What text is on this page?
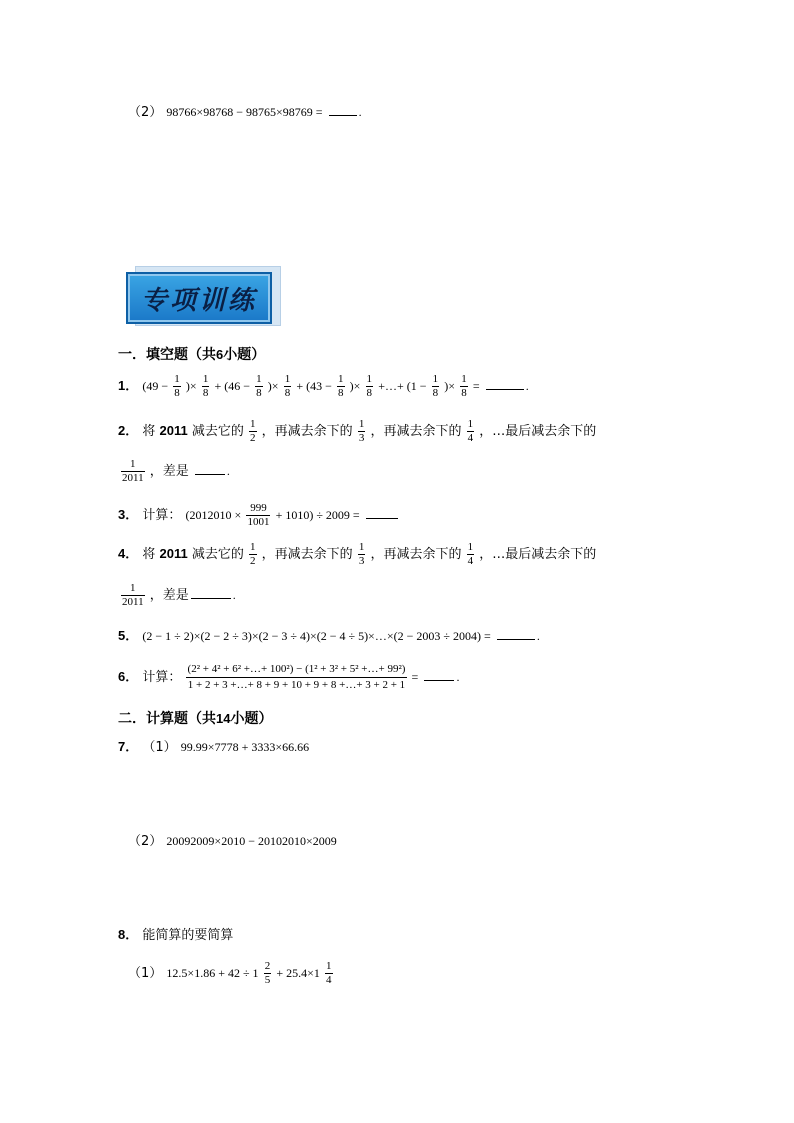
（2） 98766×98768 − 98765×98769 =	.
专项训练
一．填空题（共6小题）
1． ($49 - \frac{1}{8}$ )× $\frac{1}{8} + (46 - \frac{1}{8}$ )× $\frac{1}{8} + (43 - \frac{1}{8}$ )× $\frac{1}{8}$ +…+ ($1 - \frac{1}{8}$ )× $\frac{1}{8}$ =	.
2． 将 2011 减去它的 $\frac{1}{2}$ ，再减去余下的 $\frac{1}{3}$ ，再减去余下的 $\frac{1}{4}$ ，…最后减去余下的
$\frac{1}{2011}$ ，差是	.
3． 计算： $(2012010 \times \frac{999}{1001} + 1010) \div 2009$ =
4． 将 2011 减去它的 $\frac{1}{2}$ ，再减去余下的 $\frac{1}{3}$ ，再减去余下的 $\frac{1}{4}$ ，…最后减去余下的
$\frac{1}{2011}$ ，差是	.
5． (2 − 1 ÷ 2)×(2 − 2 ÷ 3)×(2 − 3 ÷ 4)×(2 − 4 ÷ 5)×…×(2 − 2003 ÷ 2004) =	.
6． 计算： $\frac{\text{(2² + 4² + 6² +…+ 100²) − (1² + 3² + 5² +…+ 99²)}}{1 + 2 + 3 +\dots+ 8 + 9 + 10 + 9 + 8 +\dots+ 3 + 2 + 1}$ =	.
二．计算题（共14小题）
7． （1） 99.99×7778 + 3333×66.66
（2） 20092009×2010 − 20102010×2009
8． 能简算的要简算
（1） $12.5\times 1.86 + 42 \div 1 \frac{2}{5} + 25.4\times 1 \frac{1}{4}$
